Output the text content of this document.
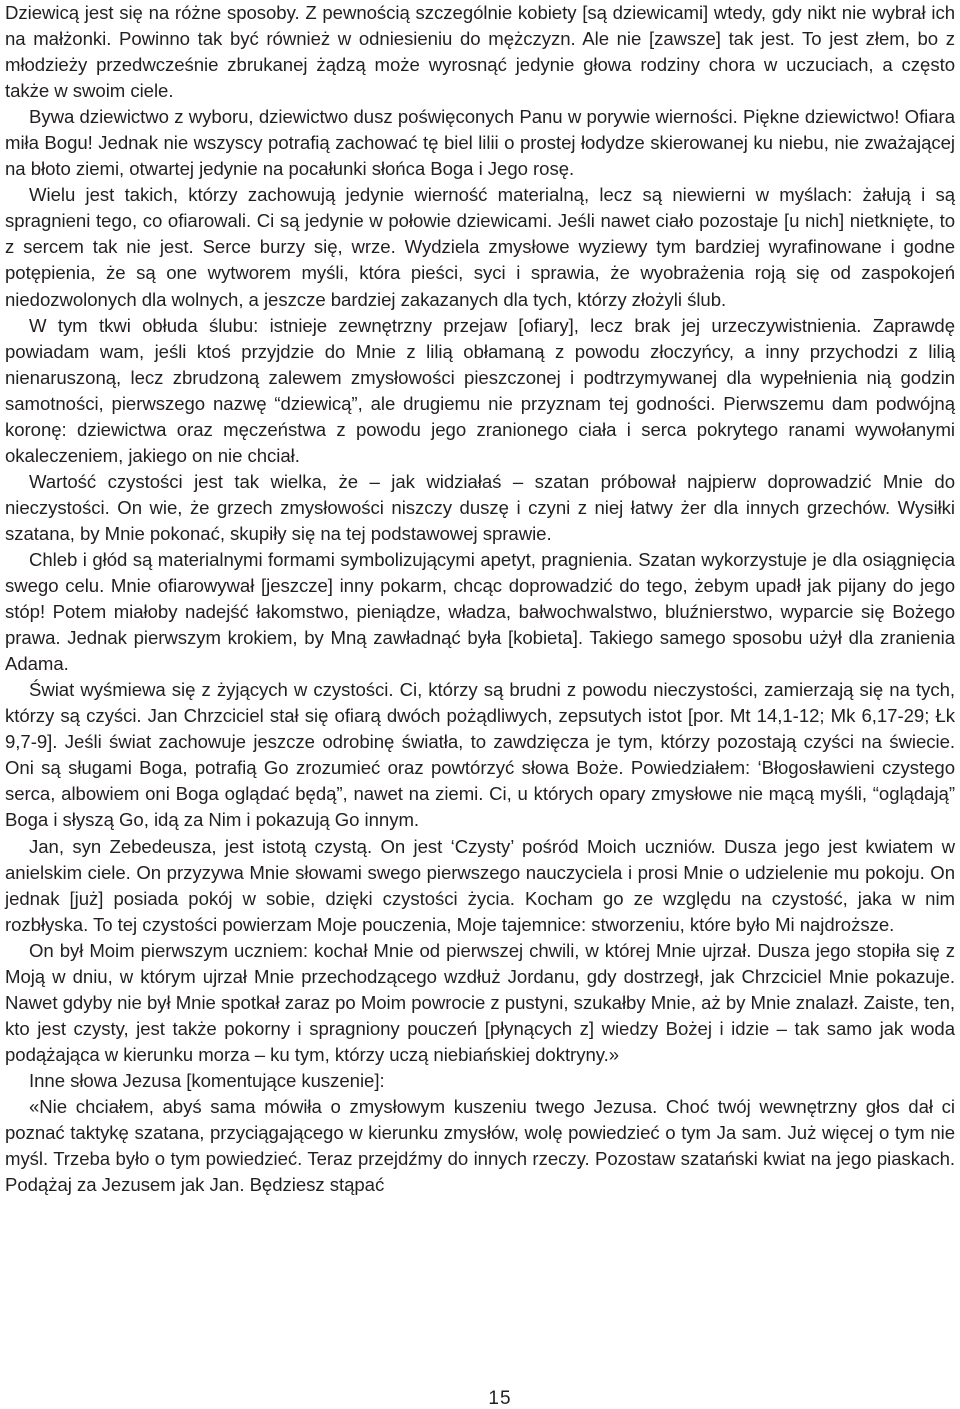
Dziewicą jest się na różne sposoby. Z pewnością szczególnie kobiety [są dziewicami] wtedy, gdy nikt nie wybrał ich na małżonki. Powinno tak być również w odniesieniu do mężczyzn. Ale nie [zawsze] tak jest. To jest złem, bo z młodzieży przedwcześnie zbrukanej żądzą może wyrosnąć jedynie głowa rodziny chora w uczuciach, a często także w swoim ciele.

Bywa dziewictwo z wyboru, dziewictwo dusz poświęconych Panu w porywie wierności. Piękne dziewictwo! Ofiara miła Bogu! Jednak nie wszyscy potrafią zachować tę biel lilii o prostej łodydze skierowanej ku niebu, nie zważającej na błoto ziemi, otwartej jedynie na pocałunki słońca Boga i Jego rosę.

Wielu jest takich, którzy zachowują jedynie wierność materialną, lecz są niewierni w myślach: żałują i są spragnieni tego, co ofiarowali. Ci są jedynie w połowie dziewicami. Jeśli nawet ciało pozostaje [u nich] nietknięte, to z sercem tak nie jest. Serce burzy się, wrze. Wydziela zmysłowe wyziewy tym bardziej wyrafinowane i godne potępienia, że są one wytworem myśli, która pieści, syci i sprawia, że wyobrażenia roją się od zaspokojeń niedozwolonych dla wolnych, a jeszcze bardziej zakazanych dla tych, którzy złożyli ślub.

W tym tkwi obłuda ślubu: istnieje zewnętrzny przejaw [ofiary], lecz brak jej urzeczywistnienia. Zaprawdę powiadam wam, jeśli ktoś przyjdzie do Mnie z lilią obłamaną z powodu złoczyńcy, a inny przychodzi z lilią nienaruszoną, lecz zbrudzoną zalewem zmysłowości pieszczonej i podtrzymywanej dla wypełnienia nią godzin samotności, pierwszego nazwę “dziewicą”, ale drugiemu nie przyznam tej godności. Pierwszemu dam podwójną koronę: dziewictwa oraz męczeństwa z powodu jego zranionego ciała i serca pokrytego ranami wywołanymi okaleczeniem, jakiego on nie chciał.

Wartość czystości jest tak wielka, że – jak widziałaś – szatan próbował najpierw doprowadzić Mnie do nieczystości. On wie, że grzech zmysłowości niszczy duszę i czyni z niej łatwy żer dla innych grzechów. Wysiłki szatana, by Mnie pokonać, skupiły się na tej podstawowej sprawie.

Chleb i głód są materialnymi formami symbolizującymi apetyt, pragnienia. Szatan wykorzystuje je dla osiągnięcia swego celu. Mnie ofiarowywał [jeszcze] inny pokarm, chcąc doprowadzić do tego, żebym upadł jak pijany do jego stóp! Potem miałoby nadejść łakomstwo, pieniądze, władza, bałwochwalstwo, bluźnierstwo, wyparcie się Bożego prawa. Jednak pierwszym krokiem, by Mną zawładnąć była [kobieta]. Takiego samego sposobu użył dla zranienia Adama.

Świat wyśmiewa się z żyjących w czystości. Ci, którzy są brudni z powodu nieczystości, zamierzają się na tych, którzy są czyści. Jan Chrzciciel stał się ofiarą dwóch pożądliwych, zepsutych istot [por. Mt 14,1-12; Mk 6,17-29; Łk 9,7-9]. Jeśli świat zachowuje jeszcze odrobinę światła, to zawdzięcza je tym, którzy pozostają czyści na świecie. Oni są sługami Boga, potrafią Go zrozumieć oraz powtórzyć słowa Boże. Powiedziałem: ‘Błogosławieni czystego serca, albowiem oni Boga oglądać będą”, nawet na ziemi. Ci, u których opary zmysłowe nie mącą myśli, “oglądają” Boga i słyszą Go, idą za Nim i pokazują Go innym.

Jan, syn Zebedeusza, jest istotą czystą. On jest ‘Czysty’ pośród Moich uczniów. Dusza jego jest kwiatem w anielskim ciele. On przyzywa Mnie słowami swego pierwszego nauczyciela i prosi Mnie o udzielenie mu pokoju. On jednak [już] posiada pokój w sobie, dzięki czystości życia. Kocham go ze względu na czystość, jaka w nim rozbłyska. To tej czystości powierzam Moje pouczenia, Moje tajemnice: stworzeniu, które było Mi najdroższe.

On był Moim pierwszym uczniem: kochał Mnie od pierwszej chwili, w której Mnie ujrzał. Dusza jego stopiła się z Moją w dniu, w którym ujrzał Mnie przechodzącego wzdłuż Jordanu, gdy dostrzegł, jak Chrzciciel Mnie pokazuje. Nawet gdyby nie był Mnie spotkał zaraz po Moim powrocie z pustyni, szukałby Mnie, aż by Mnie znalazł. Zaiste, ten, kto jest czysty, jest także pokorny i spragniony pouczeń [płynących z] wiedzy Bożej i idzie – tak samo jak woda podążająca w kierunku morza – ku tym, którzy uczą niebiańskiej doktryny.»

Inne słowa Jezusa [komentujące kuszenie]:

«Nie chciałem, abyś sama mówiła o zmysłowym kuszeniu twego Jezusa. Choć twój wewnętrzny głos dał ci poznać taktykę szatana, przyciągającego w kierunku zmysłów, wolę powiedzieć o tym Ja sam. Już więcej o tym nie myśl. Trzeba było o tym powiedzieć. Teraz przejdźmy do innych rzeczy. Pozostaw szatański kwiat na jego piaskach. Podążaj za Jezusem jak Jan. Będziesz stąpać

15
